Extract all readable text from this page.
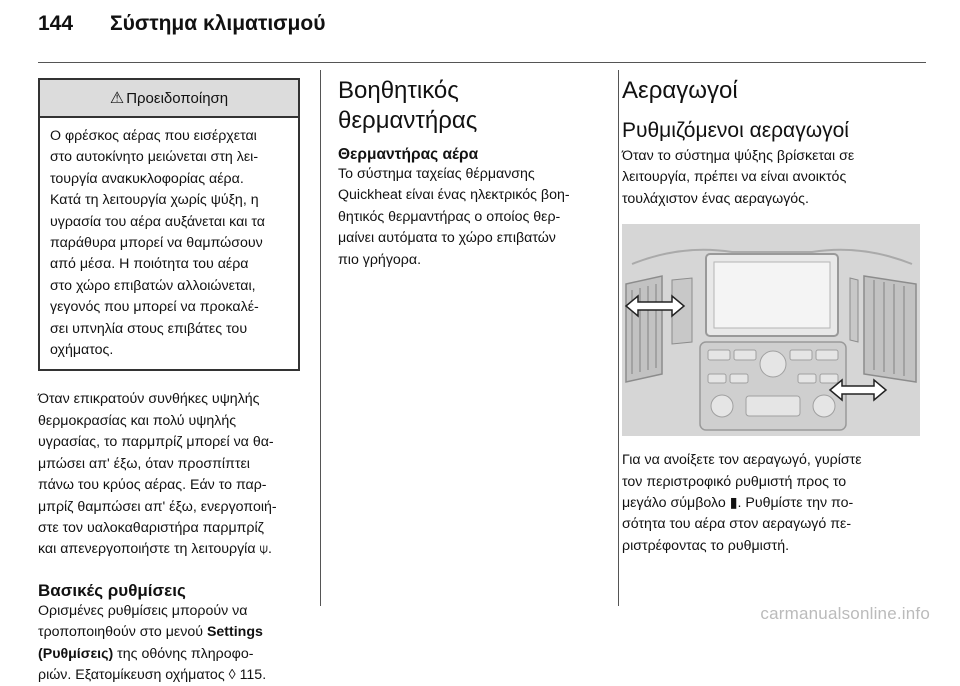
144 Σύστημα κλιματισμού
⚠ Προειδοποίηση
Ο φρέσκος αέρας που εισέρχεται
στο αυτοκίνητο μειώνεται στη λει-
τουργία ανακυκλοφορίας αέρα.
Κατά τη λειτουργία χωρίς ψύξη, η
υγρασία του αέρα αυξάνεται και τα
παράθυρα μπορεί να θαμπώσουν
από μέσα. Η ποιότητα του αέρα
στο χώρο επιβατών αλλοιώνεται,
γεγονός που μπορεί να προκαλέ-
σει υπνηλία στους επιβάτες του
οχήματος.

Όταν επικρατούν συνθήκες υψηλής

θερμοκρασίας και πολύ υψηλής

υγρασίας, το παρμπρίζ μπορεί να θα-

μπώσει απ' έξω, όταν προσπίπτει

πάνω του κρύος αέρας. Εάν το παρ-

μπρίζ θαμπώσει απ' έξω, ενεργοποιή-

στε τον υαλοκαθαριστήρα παρμπρίζ

και απενεργοποιήστε τη λειτουργία ⍦.

Βασικές ρυθμίσεις

Ορισμένες ρυθμίσεις μπορούν να

τροποποιηθούν στο μενού Settings

(Ρυθμίσεις) της οθόνης πληροφο-

ριών. Εξατομίκευση οχήματος ◊ 115.

Βοηθητικός θερμαντήρας
Θερμαντήρας αέρα

Το σύστημα ταχείας θέρμανσης

Quickheat είναι ένας ηλεκτρικός βοη-

θητικός θερμαντήρας ο οποίος θερ-

μαίνει αυτόματα το χώρο επιβατών

πιο γρήγορα.

Αεραγωγοί
Ρυθμιζόμενοι αεραγωγοί

Όταν το σύστημα ψύξης βρίσκεται σε

λειτουργία, πρέπει να είναι ανοικτός

τουλάχιστον ένας αεραγωγός.

Για να ανοίξετε τον αεραγωγό, γυρίστε

τον περιστροφικό ρυθμιστή προς το

μεγάλο σύμβολο ▮. Ρυθμίστε την πο-

σότητα του αέρα στον αεραγωγό πε-

ριστρέφοντας το ρυθμιστή.

carmanualsonline.info
